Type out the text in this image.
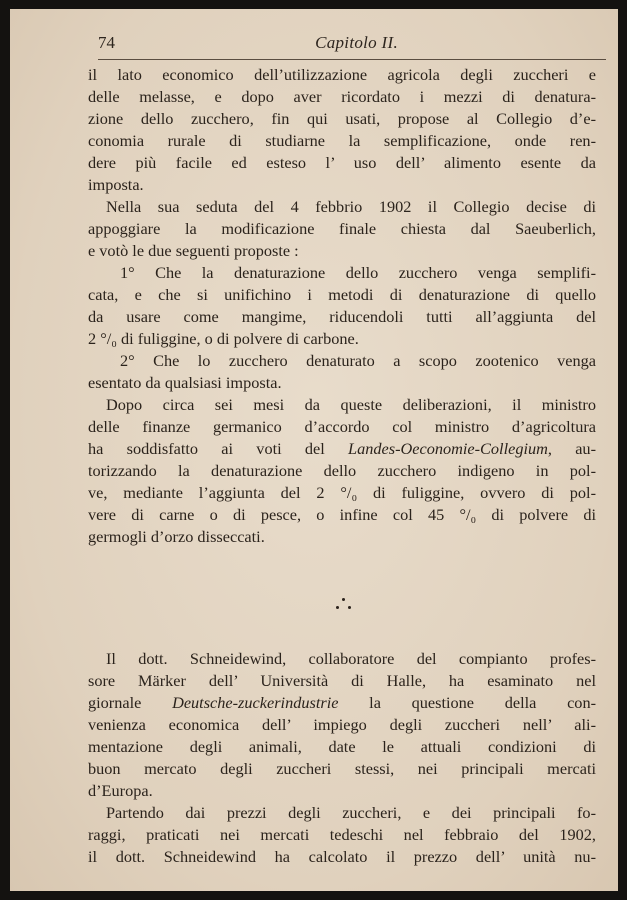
74	Capitolo II.
il lato economico dell’utilizzazione agricola degli zuccheri e
delle melasse, e dopo aver ricordato i mezzi di denatura-
zione dello zucchero, fin qui usati, propose al Collegio d’e-
conomia rurale di studiarne la semplificazione, onde ren-
dere più facile ed esteso l’ uso dell’ alimento esente da
imposta.
Nella sua seduta del 4 febbrio 1902 il Collegio decise di
appoggiare la modificazione finale chiesta dal Saeuberlich,
e votò le due seguenti proposte :
1° Che la denaturazione dello zucchero venga semplifi-
cata, e che si unifichino i metodi di denaturazione di quello
da usare come mangime, riducendoli tutti all’aggiunta del
2 °/₀ di fuliggine, o di polvere di carbone.
2° Che lo zucchero denaturato a scopo zootenico venga
esentato da qualsiasi imposta.
Dopo circa sei mesi da queste deliberazioni, il ministro
delle finanze germanico d’accordo col ministro d’agricoltura
ha soddisfatto ai voti del Landes-Oeconomie-Collegium, au-
torizzando la denaturazione dello zucchero indigeno in pol-
ve, mediante l’aggiunta del 2 °/₀ di fuliggine, ovvero di pol-
vere di carne o di pesce, o infine col 45 °/₀ di polvere di
germogli d’orzo disseccati.
Il dott. Schneidewind, collaboratore del compianto profes-
sore Märker dell’ Università di Halle, ha esaminato nel
giornale Deutsche-zuckerindustrie la questione della con-
venienza economica dell’ impiego degli zuccheri nell’ ali-
mentazione degli animali, date le attuali condizioni di
buon mercato degli zuccheri stessi, nei principali mercati
d’Europa.
Partendo dai prezzi degli zuccheri, e dei principali fo-
raggi, praticati nei mercati tedeschi nel febbraio del 1902,
il dott. Schneidewind ha calcolato il prezzo dell’ unità nu-
